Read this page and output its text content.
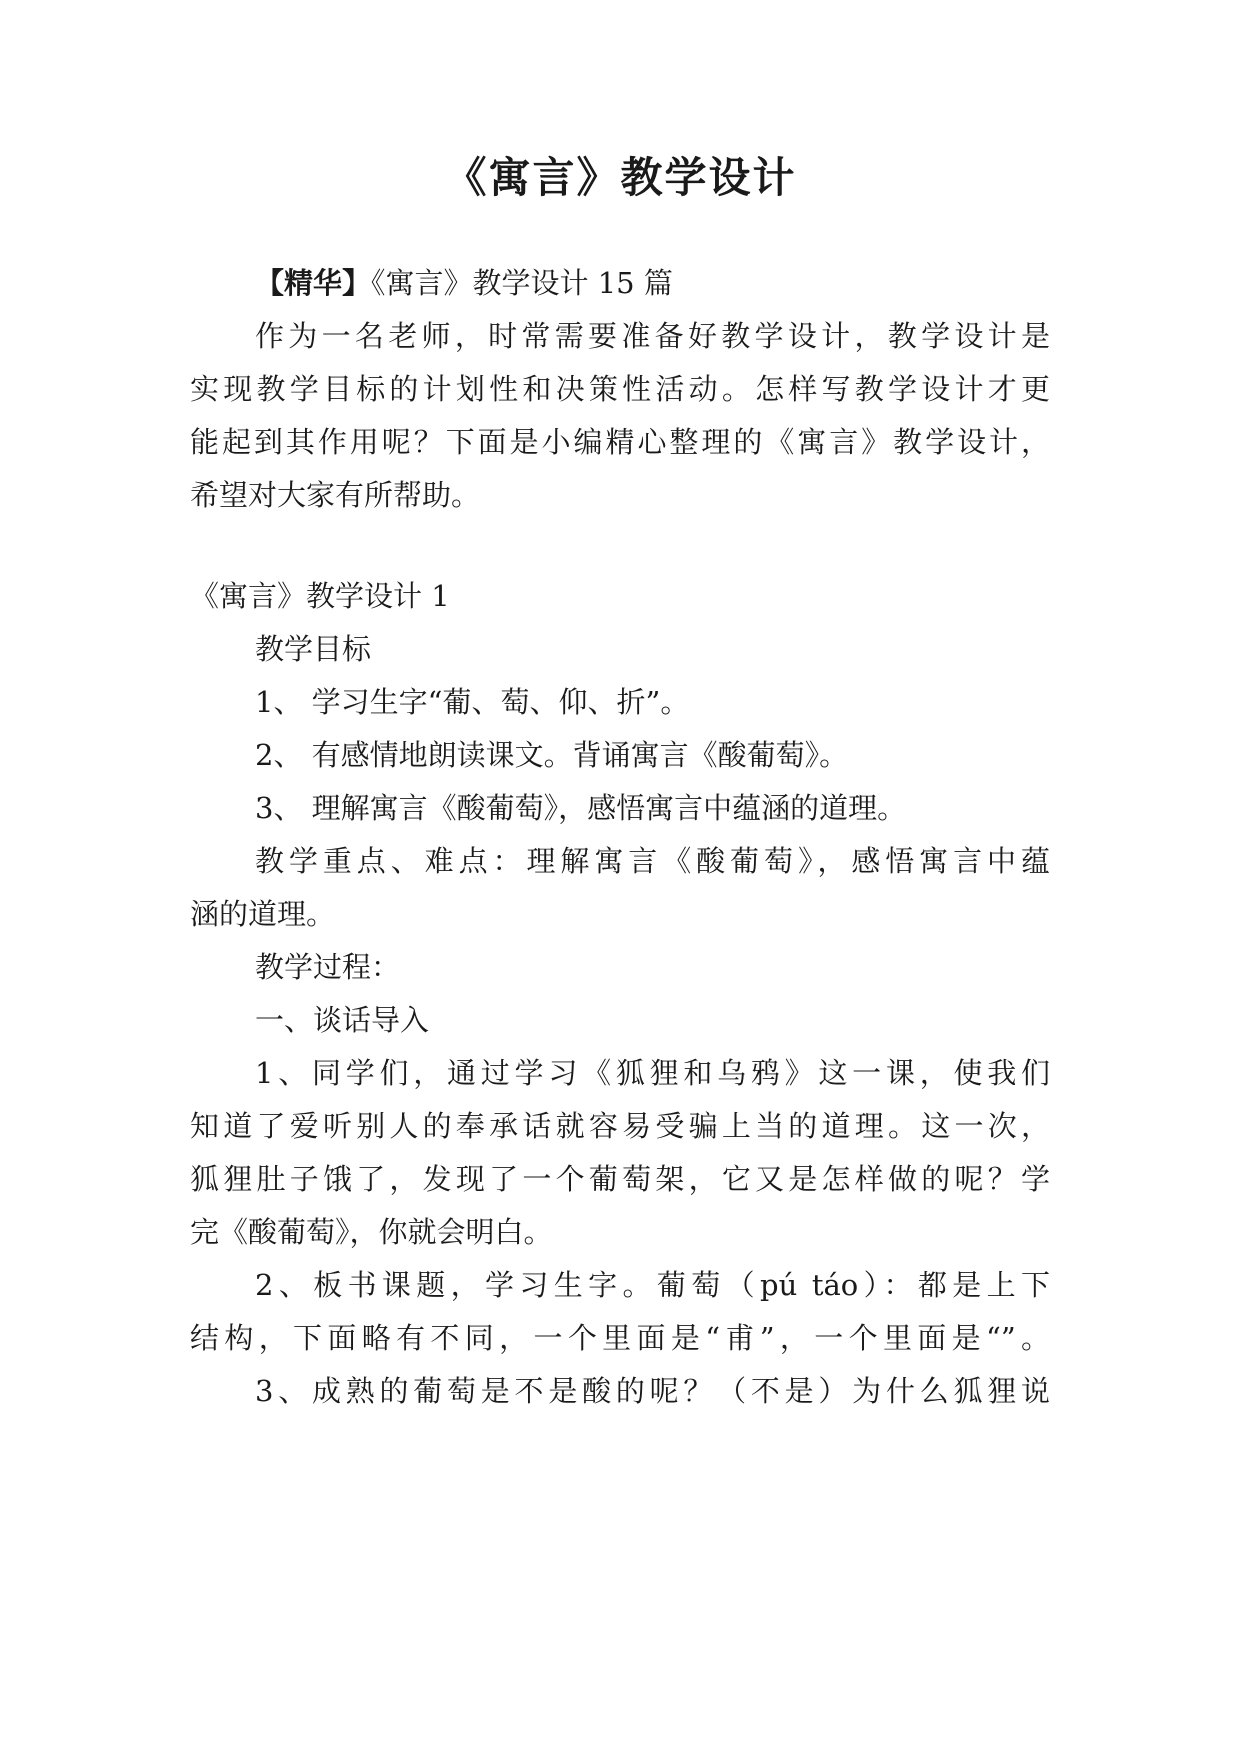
《寓言》教学设计
【精华】《寓言》教学设计 15 篇
作为一名老师，时常需要准备好教学设计，教学设计是
实现教学目标的计划性和决策性活动。怎样写教学设计才更
能起到其作用呢？下面是小编精心整理的《寓言》教学设计，
希望对大家有所帮助。
《寓言》教学设计 1
教学目标
1、 学习生字“葡、萄、仰、折”。
2、 有感情地朗读课文。背诵寓言《酸葡萄》。
3、 理解寓言《酸葡萄》，感悟寓言中蕴涵的道理。
教学重点、难点：理解寓言《酸葡萄》，感悟寓言中蕴
涵的道理。
教学过程：
一、谈话导入
1、同学们，通过学习《狐狸和乌鸦》这一课，使我们
知道了爱听别人的奉承话就容易受骗上当的道理。这一次，
狐狸肚子饿了，发现了一个葡萄架，它又是怎样做的呢？学
完《酸葡萄》，你就会明白。
2、板书课题，学习生字。葡萄（pú táo）：都是上下
结构，下面略有不同，一个里面是“甫”，一个里面是“”。
3、成熟的葡萄是不是酸的呢？（不是）为什么狐狸说
